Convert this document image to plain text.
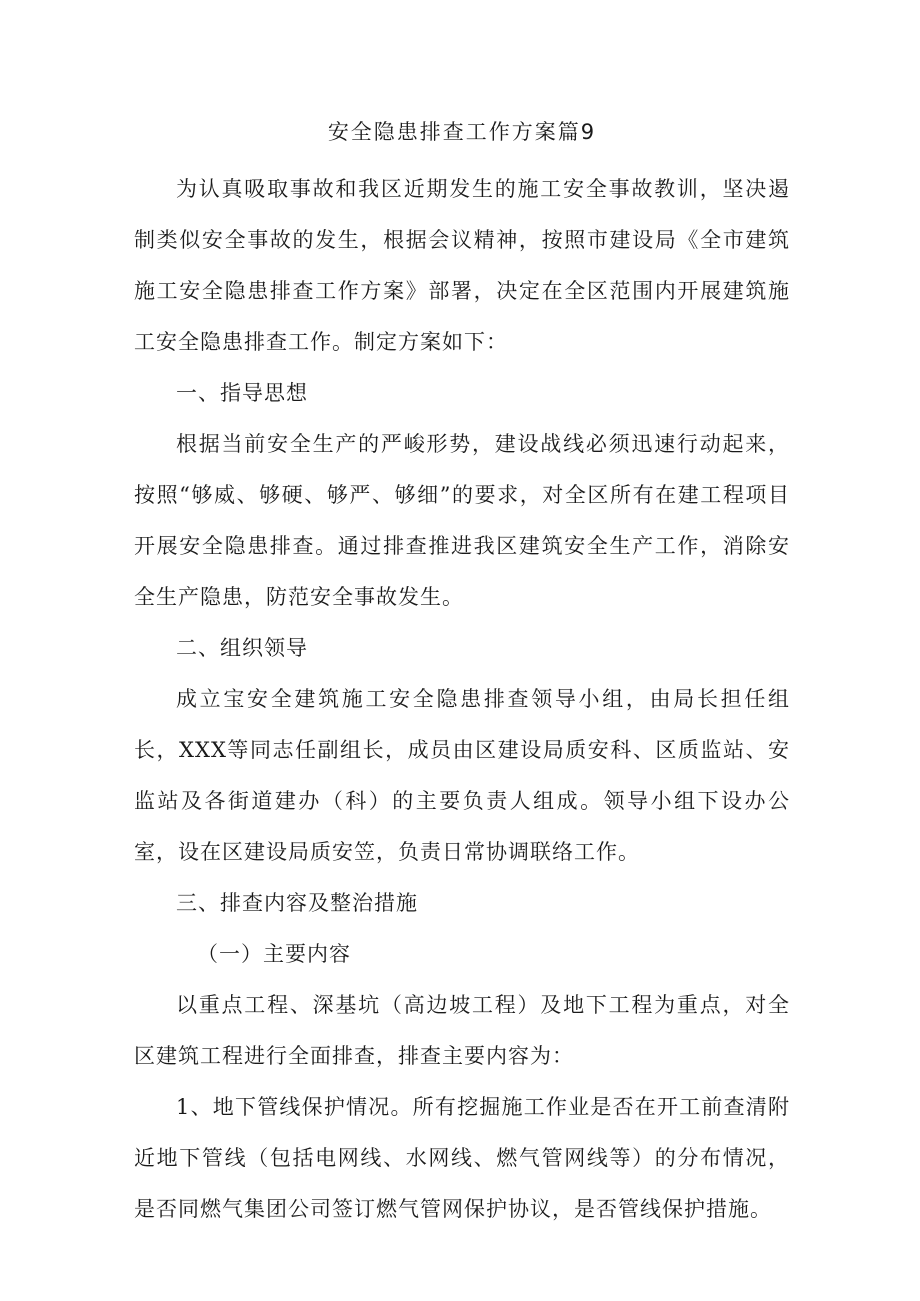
安全隐患排查工作方案篇9

为认真吸取事故和我区近期发生的施工安全事故教训，坚决遏制类似安全事故的发生，根据会议精神，按照市建设局《全市建筑施工安全隐患排查工作方案》部署，决定在全区范围内开展建筑施工安全隐患排查工作。制定方案如下：

一、指导思想

根据当前安全生产的严峻形势，建设战线必须迅速行动起来，按照“够威、够硬、够严、够细”的要求，对全区所有在建工程项目开展安全隐患排查。通过排查推进我区建筑安全生产工作，消除安全生产隐患，防范安全事故发生。

二、组织领导

成立宝安全建筑施工安全隐患排查领导小组，由局长担任组长，XXX等同志任副组长，成员由区建设局质安科、区质监站、安监站及各街道建办（科）的主要负责人组成。领导小组下设办公室，设在区建设局质安笠，负责日常协调联络工作。

三、排查内容及整治措施

（一）主要内容

以重点工程、深基坑（高边坡工程）及地下工程为重点，对全区建筑工程进行全面排查，排查主要内容为：

1、地下管线保护情况。所有挖掘施工作业是否在开工前查清附近地下管线（包括电网线、水网线、燃气管网线等）的分布情况，是否同燃气集团公司签订燃气管网保护协议，是否管线保护措施。
